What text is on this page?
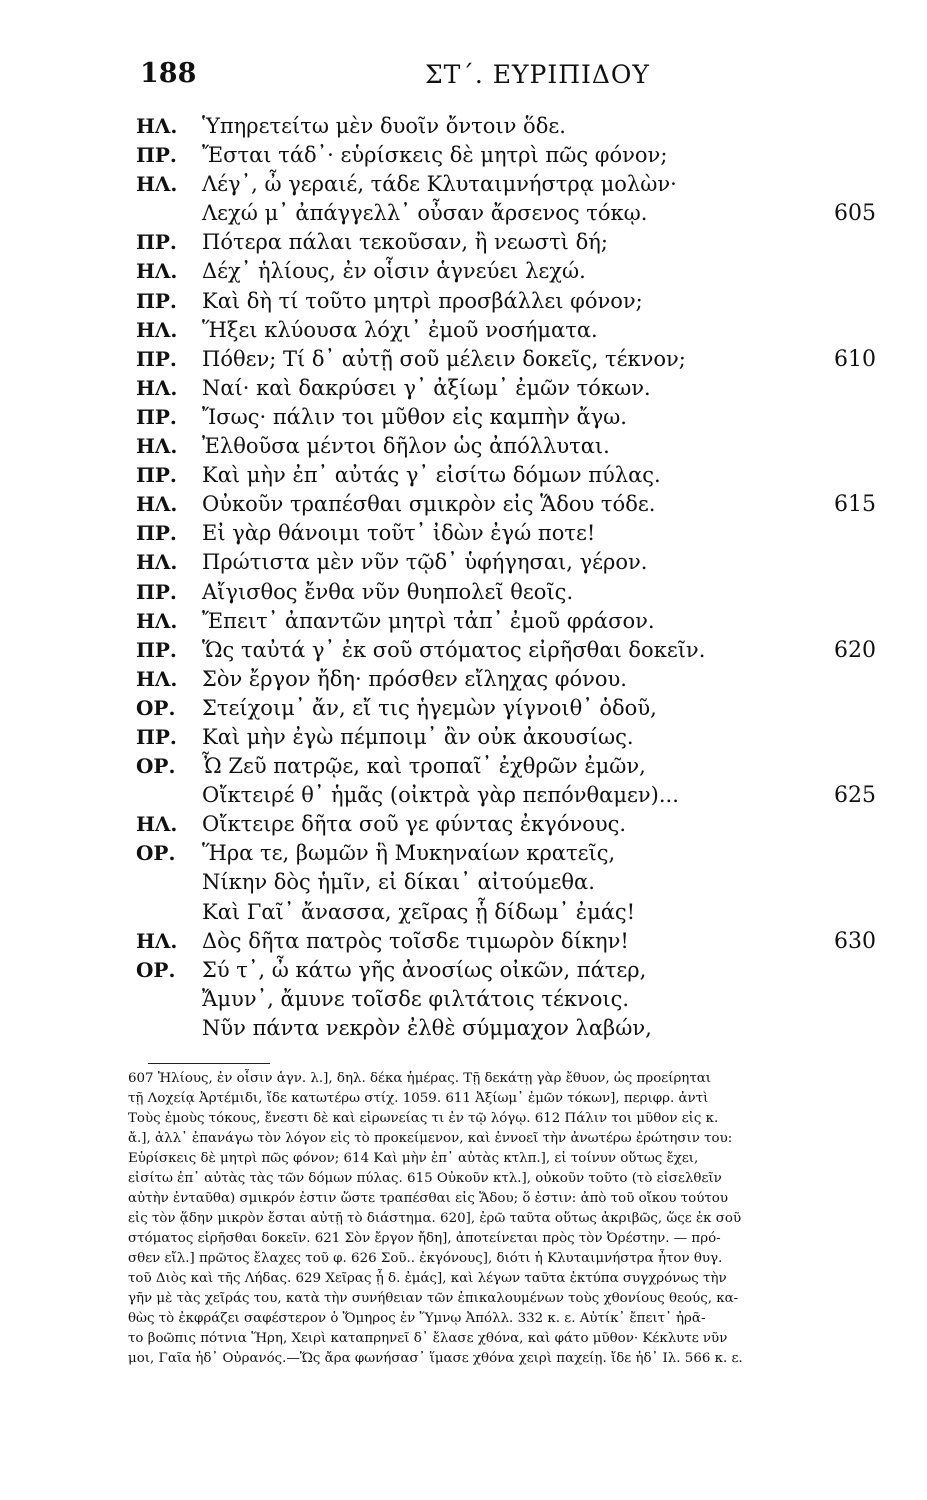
188	ΣΤ΄. ΕΥΡΙΠΙΔΟΥ
ΗΛ.	Ὑπηρετείτω μὲν δυοῖν ὄντοιν ὅδε.
ΠΡ.	Ἔσται τάδ᾽· εὑρίσκεις δὲ μητρὶ πῶς φόνον;
ΗΛ.	Λέγ᾽, ὦ γεραιέ, τάδε Κλυταιμνήστρᾳ μολὼν·
Λεχώ μ᾽ ἀπάγγελλ᾽ οὖσαν ἄρσενος τόκῳ.	605
ΠΡ.	Πότερα πάλαι τεκοῦσαν, ἢ νεωστὶ δή;
ΗΛ.	Δέχ᾽ ἡλίους, ἐν οἷσιν ἁγνεύει λεχώ.
ΠΡ.	Καὶ δὴ τί τοῦτο μητρὶ προσβάλλει φόνον;
ΗΛ.	Ἥξει κλύουσα λόχι᾽ ἐμοῦ νοσήματα.
ΠΡ.	Πόθεν; Τί δ᾽ αὐτῇ σοῦ μέλειν δοκεῖς, τέκνον;	610
ΗΛ.	Ναί· καὶ δακρύσει γ᾽ ἀξίωμ᾽ ἐμῶν τόκων.
ΠΡ.	Ἴσως· πάλιν τοι μῦθον εἰς καμπὴν ἄγω.
ΗΛ.	Ἐλθοῦσα μέντοι δῆλον ὡς ἀπόλλυται.
ΠΡ.	Καὶ μὴν ἐπ᾽ αὐτάς γ᾽ εἰσίτω δόμων πύλας.
ΗΛ.	Οὐκοῦν τραπέσθαι σμικρὸν εἰς Ἅδου τόδε.	615
ΠΡ.	Εἰ γὰρ θάνοιμι τοῦτ᾽ ἰδὼν ἐγώ ποτε!
ΗΛ.	Πρώτιστα μὲν νῦν τῷδ᾽ ὑφήγησαι, γέρον.
ΠΡ.	Αἴγισθος ἔνθα νῦν θυηπολεῖ θεοῖς.
ΗΛ.	Ἔπειτ᾽ ἀπαντῶν μητρὶ τἀπ᾽ ἐμοῦ φράσον.
ΠΡ.	Ὥς ταὐτά γ᾽ ἐκ σοῦ στόματος εἰρῆσθαι δοκεῖν.	620
ΗΛ.	Σὸν ἔργον ἤδη· πρόσθεν εἴληχας φόνου.
ΟΡ.	Στείχοιμ᾽ ἄν, εἴ τις ἡγεμὼν γίγνοιθ᾽ ὁδοῦ,
ΠΡ.	Καὶ μὴν ἐγὼ πέμποιμ᾽ ἂν οὐκ ἀκουσίως.
ΟΡ.	Ὦ Ζεῦ πατρῷε, καὶ τροπαῖ᾽ ἐχθρῶν ἐμῶν,
Οἴκτειρέ θ᾽ ἡμᾶς (οἰκτρὰ γὰρ πεπόνθαμεν)...	625
ΗΛ.	Οἴκτειρε δῆτα σοῦ γε φύντας ἐκγόνους.
ΟΡ.	Ἥρα τε, βωμῶν ἣ Μυκηναίων κρατεῖς,
Νίκην δὸς ἡμῖν, εἰ δίκαι᾽ αἰτούμεθα.
Καὶ Γαῖ᾽ ἄνασσα, χεῖρας ᾗ δίδωμ᾽ ἐμάς!
ΗΛ.	Δὸς δῆτα πατρὸς τοῖσδε τιμωρὸν δίκην!	630
ΟΡ.	Σύ τ᾽, ὦ κάτω γῆς ἀνοσίως οἰκῶν, πάτερ,
Ἄμυν᾽, ἄμυνε τοῖσδε φιλτάτοις τέκνοις.
Νῦν πάντα νεκρὸν ἐλθὲ σύμμαχον λαβών,

607 Ἡλίους, ἐν οἷσιν ἁγν. λ.], δηλ. δέκα ἡμέρας. Τῇ δεκάτῃ γὰρ ἔθυον, ὡς προείρηται

τῇ Λοχείᾳ Ἀρτέμιδι, ἴδε κατωτέρω στίχ. 1059. 611 Ἀξίωμ᾽ ἐμῶν τόκων], περιφρ. ἀντὶ

Τοὺς ἐμοὺς τόκους, ἔνεστι δὲ καὶ εἰρωνείας τι ἐν τῷ λόγῳ. 612 Πάλιν τοι μῦθον εἰς κ.

ἄ.], ἀλλ᾽ ἐπανάγω τὸν λόγον εἰς τὸ προκείμενον, καὶ ἐννοεῖ τὴν ἀνωτέρω ἐρώτησιν του:

Εὑρίσκεις δὲ μητρὶ πῶς φόνον; 614 Καὶ μὴν ἐπ᾽ αὐτὰς κτλπ.], εἰ τοίνυν οὕτως ἔχει,

εἰσίτω ἐπ᾽ αὐτὰς τὰς τῶν δόμων πύλας. 615 Οὐκοῦν κτλ.], οὐκοῦν τοῦτο (τὸ εἰσελθεῖν

αὐτὴν ἐνταῦθα) σμικρόν ἐστιν ὥστε τραπέσθαι εἰς Ἅδου; ὅ ἐστιν: ἀπὸ τοῦ οἴκου τούτου

εἰς τὸν ᾅδην μικρὸν ἔσται αὐτῇ τὸ διάστημα. 620], ἐρῶ ταῦτα οὕτως ἀκριβῶς, ὥςε ἐκ σοῦ

στόματος εἰρῆσθαι δοκεῖν. 621 Σὸν ἔργον ἤδη], ἀποτείνεται πρὸς τὸν Ὀρέστην. — πρό-

σθεν εἴλ.] πρῶτος ἔλαχες τοῦ φ. 626 Σοῦ.. ἐκγόνους], διότι ἡ Κλυταιμνήστρα ἦτον θυγ.

τοῦ Διὸς καὶ τῆς Λήδας. 629 Χεῖρας ᾗ δ. ἐμάς], καὶ λέγων ταῦτα ἐκτύπα συγχρόνως τὴν

γῆν μὲ τὰς χεῖράς του, κατὰ τὴν συνήθειαν τῶν ἐπικαλουμένων τοὺς χθονίους θεούς, κα-

θὼς τὸ ἐκφράζει σαφέστερον ὁ Ὅμηρος ἐν Ὕμνῳ Ἀπόλλ. 332 κ. ε. Αὐτίκ᾽ ἔπειτ᾽ ἠρᾶ-

το βοῶπις πότνια Ἥρη, Χειρὶ καταπρηνεῖ δ᾽ ἔλασε χθόνα, καὶ φάτο μῦθον· Κέκλυτε νῦν

μοι, Γαῖα ἠδ᾽ Οὐρανός.—Ὥς ἄρα φωνήσασ᾽ ἵμασε χθόνα χειρὶ παχείῃ. ἴδε ἠδ᾽ Ιλ. 566 κ. ε.
